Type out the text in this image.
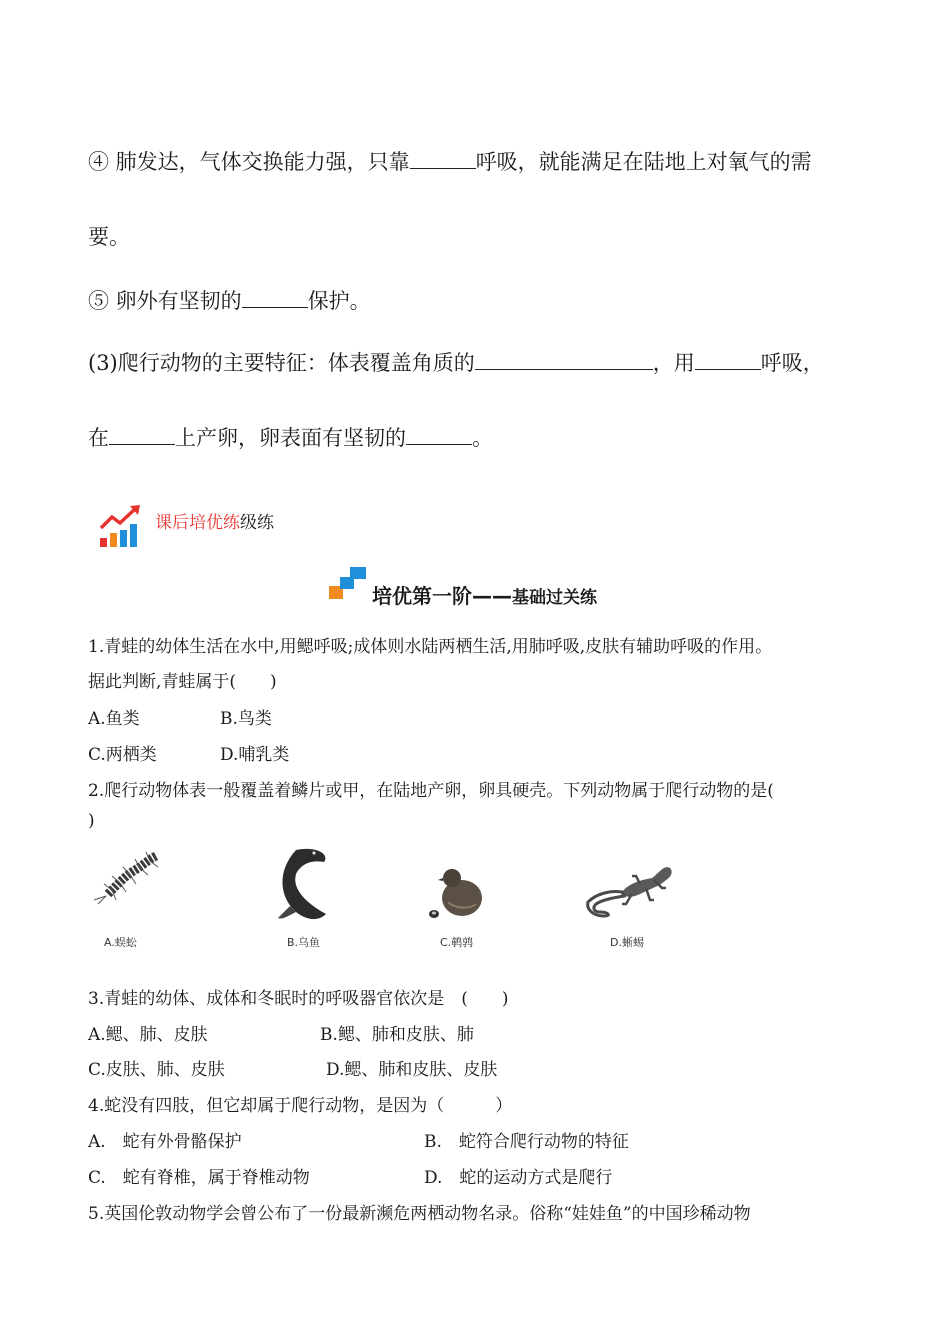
④ 肺发达，气体交换能力强，只靠	呼吸，就能满足在陆地上对氧气的需
要。
⑤ 卵外有坚韧的	保护。
(3)爬行动物的主要特征：体表覆盖角质的	，用	呼吸，
在	上产卵，卵表面有坚韧的	。
课后培优练级练
培优第一阶——基础过关练
1.青蛙的幼体生活在水中,用鳃呼吸;成体则水陆两栖生活,用肺呼吸,皮肤有辅助呼吸的作用。
据此判断,青蛙属于(　　)
A.鱼类	B.鸟类
C.两栖类	D.哺乳类
2.爬行动物体表一般覆盖着鳞片或甲，在陆地产卵，卵具硬壳。下列动物属于爬行动物的是(
)
A.蜈蚣	B.乌鱼	C.鹌鹑	D.蜥蜴
3.青蛙的幼体、成体和冬眠时的呼吸器官依次是　(　　)
A.鳃、肺、皮肤	B.鳃、肺和皮肤、肺
C.皮肤、肺、皮肤	D.鳃、肺和皮肤、皮肤
4.蛇没有四肢，但它却属于爬行动物，是因为（　　　）
A.　蛇有外骨骼保护	B.　蛇符合爬行动物的特征
C.　蛇有脊椎，属于脊椎动物	D.　蛇的运动方式是爬行
5.英国伦敦动物学会曾公布了一份最新濒危两栖动物名录。俗称“娃娃鱼”的中国珍稀动物
